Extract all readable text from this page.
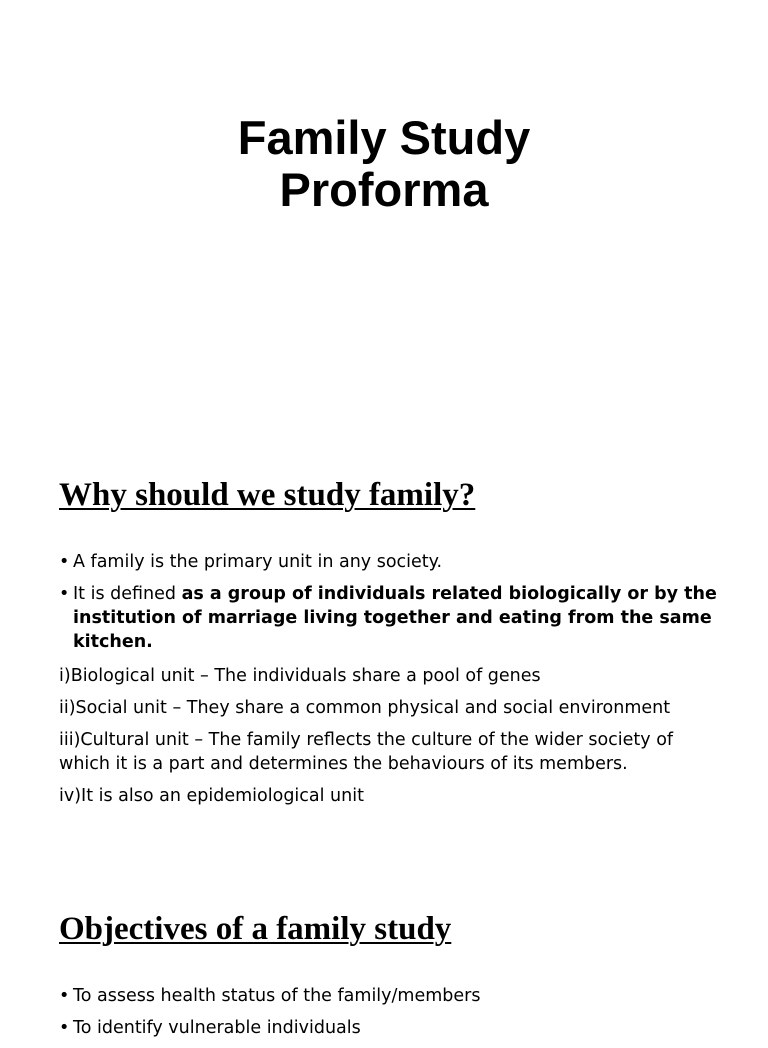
Family Study
Proforma
Why should we study family?
• A family is the primary unit in any society.
• It is defined as a group of individuals related biologically or by the institution of marriage living together and eating from the same kitchen.

i)Biological unit – The individuals share a pool of genes

ii)Social unit – They share a common physical and social environment

iii)Cultural unit – The family reflects the culture of the wider society of which it is a part and determines the behaviours of its members.

iv)It is also an epidemiological unit

Objectives of a family study
• To assess health status of the family/members
• To identify vulnerable individuals
